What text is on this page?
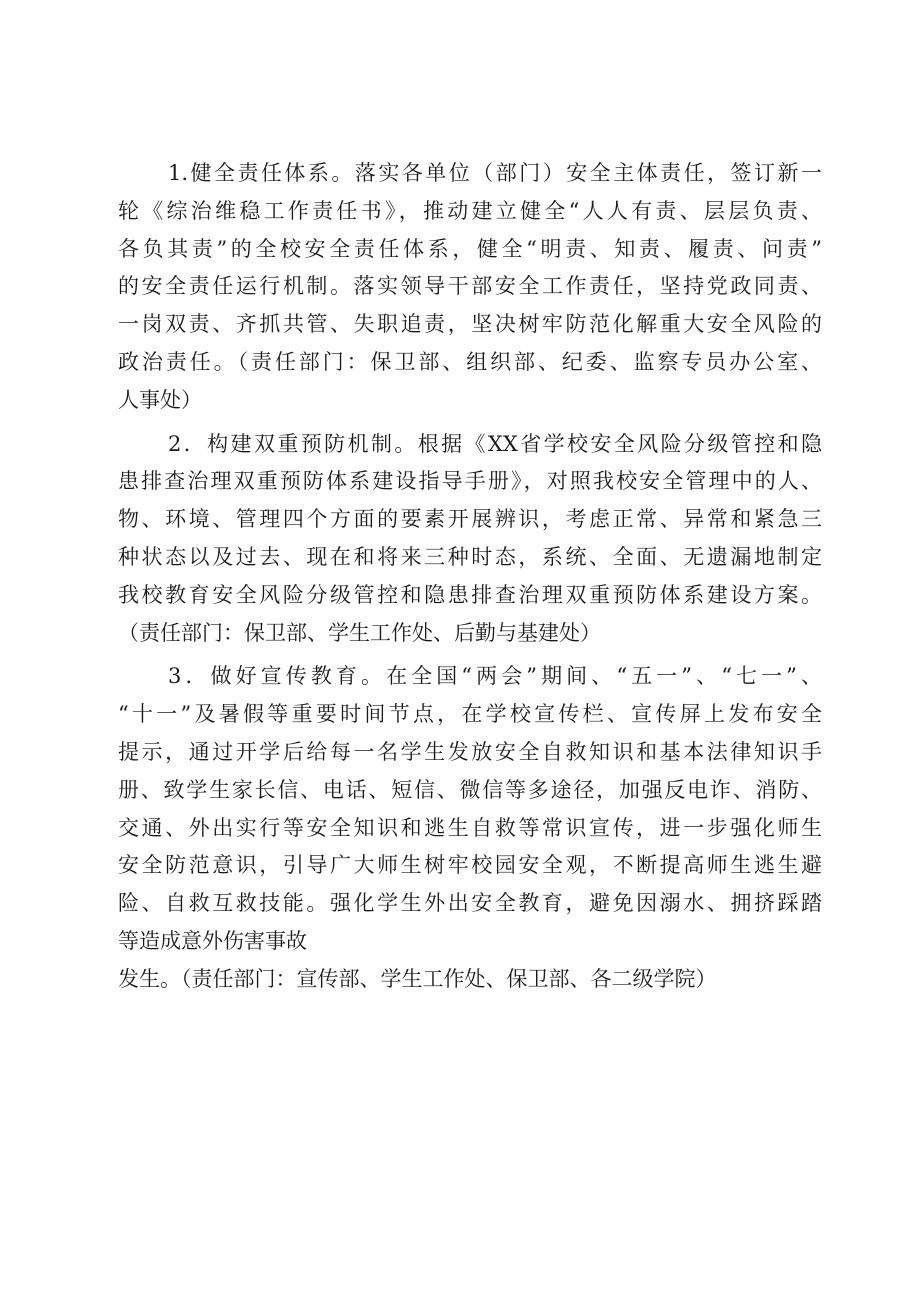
1.健全责任体系。落实各单位（部门）安全主体责任，签订新一
轮《综治维稳工作责任书》，推动建立健全“人人有责、层层负责、
各负其责”的全校安全责任体系，健全“明责、知责、履责、问责”
的安全责任运行机制。落实领导干部安全工作责任，坚持党政同责、
一岗双责、齐抓共管、失职追责，坚决树牢防范化解重大安全风险的
政治责任。（责任部门：保卫部、组织部、纪委、监察专员办公室、
人事处）
2．构建双重预防机制。根据《XX省学校安全风险分级管控和隐
患排查治理双重预防体系建设指导手册》，对照我校安全管理中的人、
物、环境、管理四个方面的要素开展辨识，考虑正常、异常和紧急三
种状态以及过去、现在和将来三种时态，系统、全面、无遗漏地制定
我校教育安全风险分级管控和隐患排查治理双重预防体系建设方案。
（责任部门：保卫部、学生工作处、后勤与基建处）
3．做好宣传教育。在全国“两会”期间、“五一”、“七一”、
“十一”及暑假等重要时间节点，在学校宣传栏、宣传屏上发布安全
提示，通过开学后给每一名学生发放安全自救知识和基本法律知识手
册、致学生家长信、电话、短信、微信等多途径，加强反电诈、消防、
交通、外出实行等安全知识和逃生自救等常识宣传，进一步强化师生
安全防范意识，引导广大师生树牢校园安全观，不断提高师生逃生避
险、自救互救技能。强化学生外出安全教育，避免因溺水、拥挤踩踏
等造成意外伤害事故
发生。（责任部门：宣传部、学生工作处、保卫部、各二级学院）
